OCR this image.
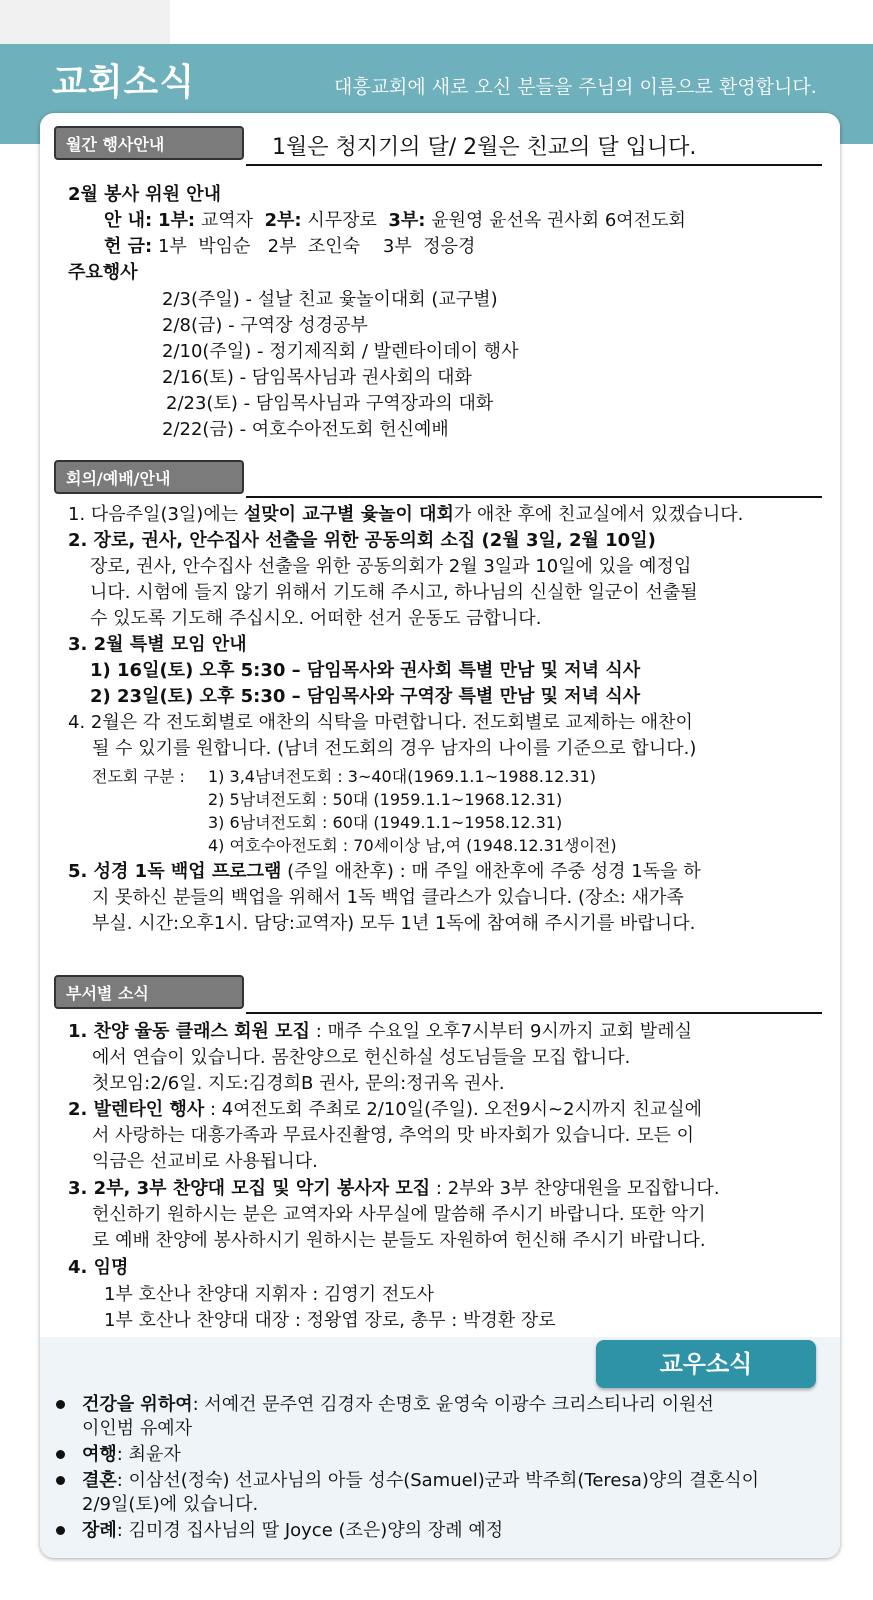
교회소식	대흥교회에 새로 오신 분들을 주님의 이름으로 환영합니다.
월간 행사안내	1월은 청지기의 달/ 2월은 친교의 달 입니다.
2월 봉사 위원 안내
안 내: 1부: 교역자 2부: 시무장로 3부: 윤원영 윤선옥 권사회 6여전도회
헌 금: 1부  박임순   2부  조인숙    3부  정응경
주요행사
2/3(주일) - 설날 친교 윷놀이대회 (교구별)
2/8(금) - 구역장 성경공부
2/10(주일) - 정기제직회 / 발렌타이데이 행사
2/16(토) - 담임목사님과 권사회의 대화
2/23(토) - 담임목사님과 구역장과의 대화
2/22(금) - 여호수아전도회 헌신예배
회의/예배/안내
1. 다음주일(3일)에는 설맞이 교구별 윷놀이 대회가 애찬 후에 친교실에서 있겠습니다.
2. 장로, 권사, 안수집사 선출을 위한 공동의회 소집 (2월 3일, 2월 10일)
장로, 권사, 안수집사 선출을 위한 공동의회가 2월 3일과 10일에 있을 예정입
니다. 시험에 들지 않기 위해서 기도해 주시고, 하나님의 신실한 일군이 선출될
수 있도록 기도해 주십시오. 어떠한 선거 운동도 금합니다.
3. 2월 특별 모임 안내
1) 16일(토) 오후 5:30 – 담임목사와 권사회 특별 만남 및 저녁 식사
2) 23일(토) 오후 5:30 – 담임목사와 구역장 특별 만남 및 저녁 식사
4. 2월은 각 전도회별로 애찬의 식탁을 마련합니다. 전도회별로 교제하는 애찬이
될 수 있기를 원합니다. (남녀 전도회의 경우 남자의 나이를 기준으로 합니다.)
전도회 구분 : 1) 3,4남녀전도회 : 3~40대(1969.1.1~1988.12.31)
2) 5남녀전도회 : 50대 (1959.1.1~1968.12.31)
3) 6남녀전도회 : 60대 (1949.1.1~1958.12.31)
4) 여호수아전도회 : 70세이상 남,여 (1948.12.31생이전)
5. 성경 1독 백업 프로그램 (주일 애찬후) : 매 주일 애찬후에 주중 성경 1독을 하
지 못하신 분들의 백업을 위해서 1독 백업 클라스가 있습니다. (장소: 새가족
부실. 시간:오후1시. 담당:교역자) 모두 1년 1독에 참여해 주시기를 바랍니다.
부서별 소식
1. 찬양 율동 클래스 회원 모집 : 매주 수요일 오후7시부터 9시까지 교회 발레실
에서 연습이 있습니다. 몸찬양으로 헌신하실 성도님들을 모집 합니다.
첫모임:2/6일. 지도:김경희B 권사, 문의:정귀옥 권사.
2. 발렌타인 행사 : 4여전도회 주최로 2/10일(주일). 오전9시~2시까지 친교실에
서 사랑하는 대흥가족과 무료사진촬영, 추억의 맛 바자회가 있습니다. 모든 이
익금은 선교비로 사용됩니다.
3. 2부, 3부 찬양대 모집 및 악기 봉사자 모집 : 2부와 3부 찬양대원을 모집합니다.
헌신하기 원하시는 분은 교역자와 사무실에 말씀해 주시기 바랍니다. 또한 악기
로 예배 찬양에 봉사하시기 원하시는 분들도 자원하여 헌신해 주시기 바랍니다.
4. 임명
1부 호산나 찬양대 지휘자 : 김영기 전도사
1부 호산나 찬양대 대장 : 정왕엽 장로, 총무 : 박경환 장로
교우소식
건강을 위하여: 서예건 문주연 김경자 손명호 윤영숙 이광수 크리스티나리 이원선
이인범 유예자
여행: 최윤자
결혼: 이삼선(정숙) 선교사님의 아들 성수(Samuel)군과 박주희(Teresa)양의 결혼식이
2/9일(토)에 있습니다.
장례: 김미경 집사님의 딸 Joyce (조은)양의 장례 예정
